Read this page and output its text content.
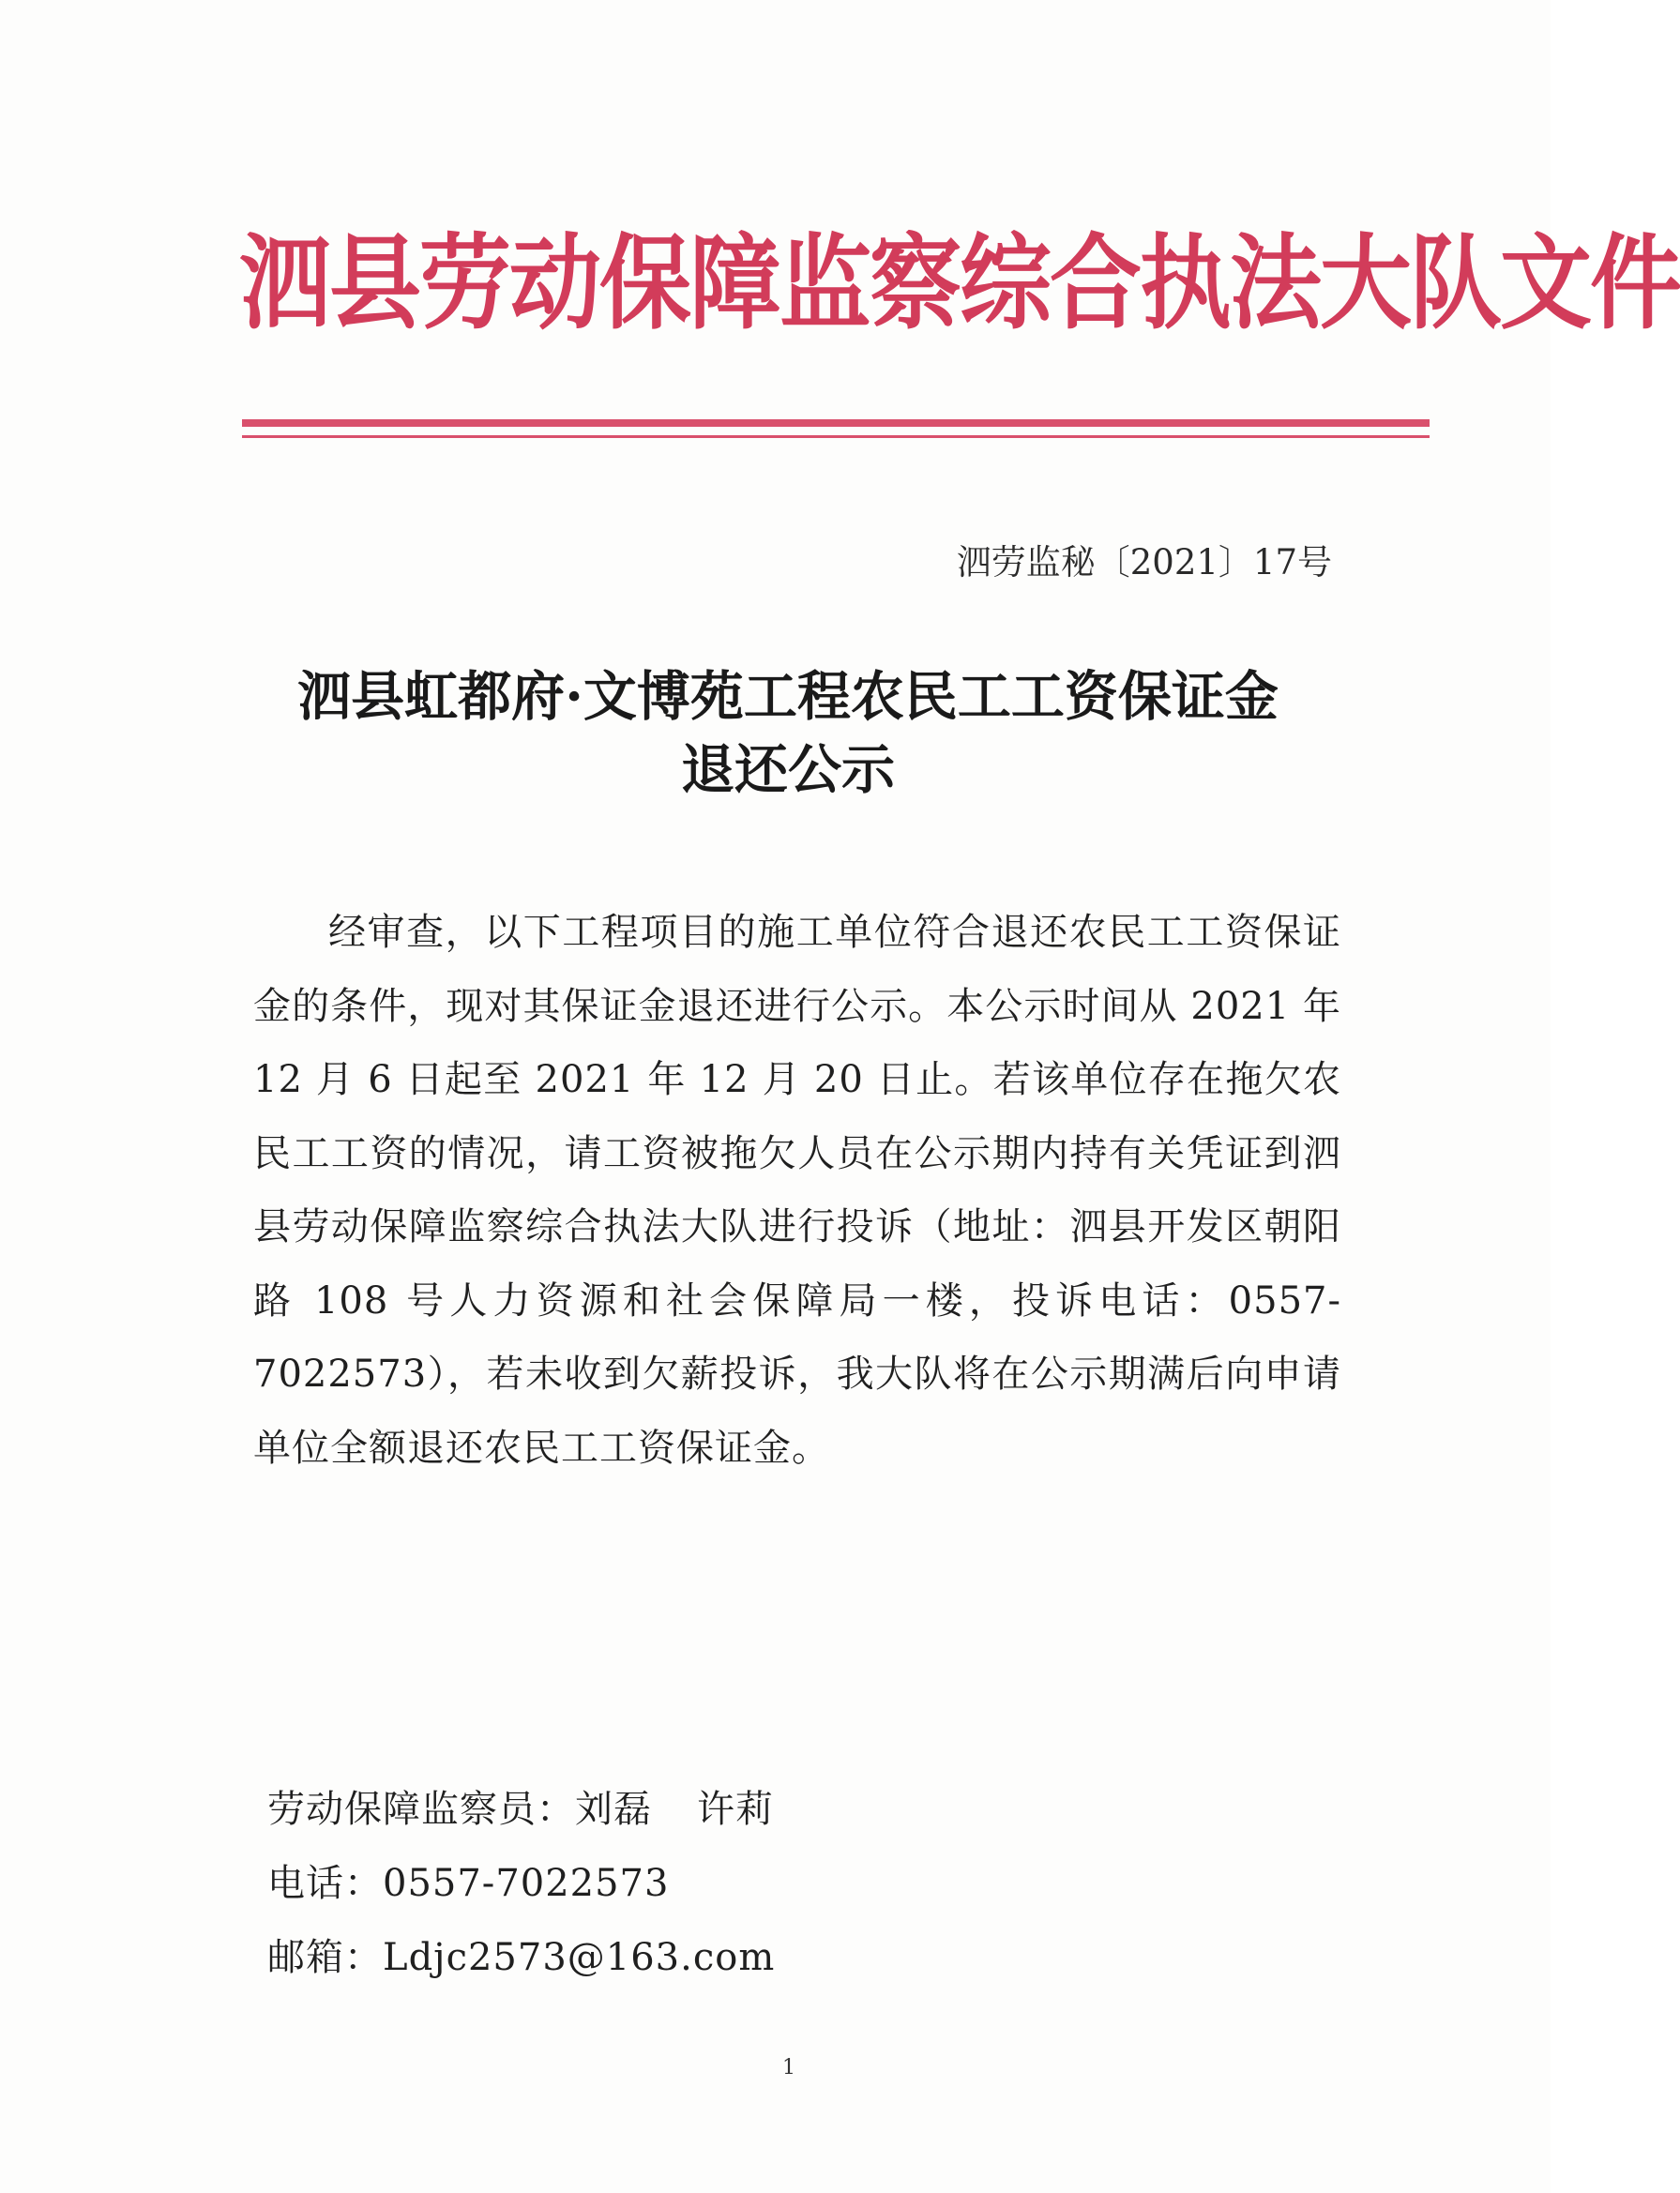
泗县劳动保障监察综合执法大队文件
泗劳监秘〔2021〕17号
泗县虹都府·文博苑工程农民工工资保证金
退还公示
经审查，以下工程项目的施工单位符合退还农民工工资保证金的条件，现对其保证金退还进行公示。本公示时间从 2021 年 12 月 6 日起至 2021 年 12 月 20 日止。若该单位存在拖欠农民工工资的情况，请工资被拖欠人员在公示期内持有关凭证到泗县劳动保障监察综合执法大队进行投诉（地址：泗县开发区朝阳路 108 号人力资源和社会保障局一楼，投诉电话：0557-7022573），若未收到欠薪投诉，我大队将在公示期满后向申请单位全额退还农民工工资保证金。
劳动保障监察员：刘磊 许莉
电话：0557-7022573
邮箱：Ldjc2573@163.com
1
